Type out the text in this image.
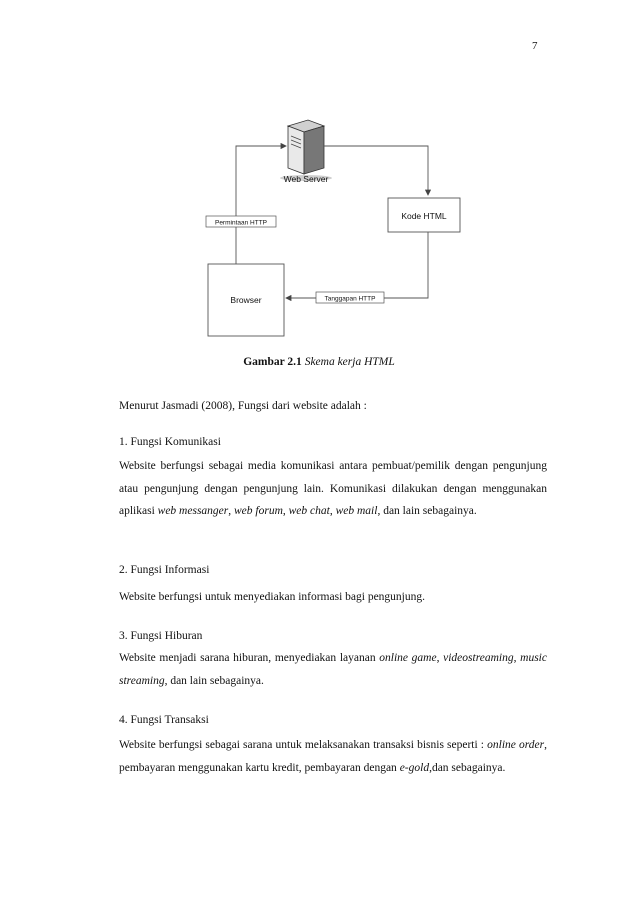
7
Web Server
Kode HTML
Tanggapan HTTP
Browser
Permintaan HTTP
Gambar 2.1 Skema kerja HTML

Menurut Jasmadi (2008), Fungsi dari website adalah :

1. Fungsi Komunikasi

Website berfungsi sebagai media komunikasi antara pembuat/pemilik dengan pengunjung atau pengunjung dengan pengunjung lain. Komunikasi dilakukan dengan menggunakan aplikasi web messanger, web forum, web chat, web mail, dan lain sebagainya.

2. Fungsi Informasi

Website berfungsi untuk menyediakan informasi bagi pengunjung.

3. Fungsi Hiburan

Website menjadi sarana hiburan, menyediakan layanan online game, videostreaming, music streaming, dan lain sebagainya.

4. Fungsi Transaksi

Website berfungsi sebagai sarana untuk melaksanakan transaksi bisnis seperti : online order, pembayaran menggunakan kartu kredit, pembayaran dengan e-gold,dan sebagainya.
